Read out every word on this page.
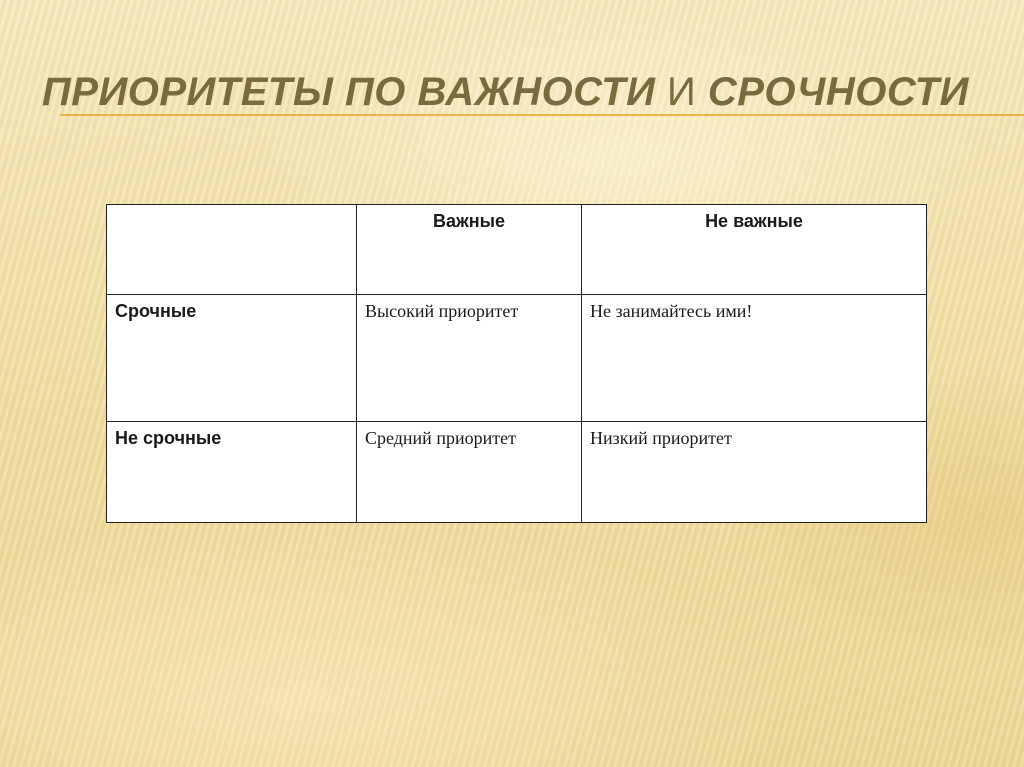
ПРИОРИТЕТЫ ПО ВАЖНОСТИ И СРОЧНОСТИ
	Важные	Не важные
Срочные	Высокий приоритет	Не занимайтесь ими!
Не срочные	Средний приоритет	Низкий приоритет
